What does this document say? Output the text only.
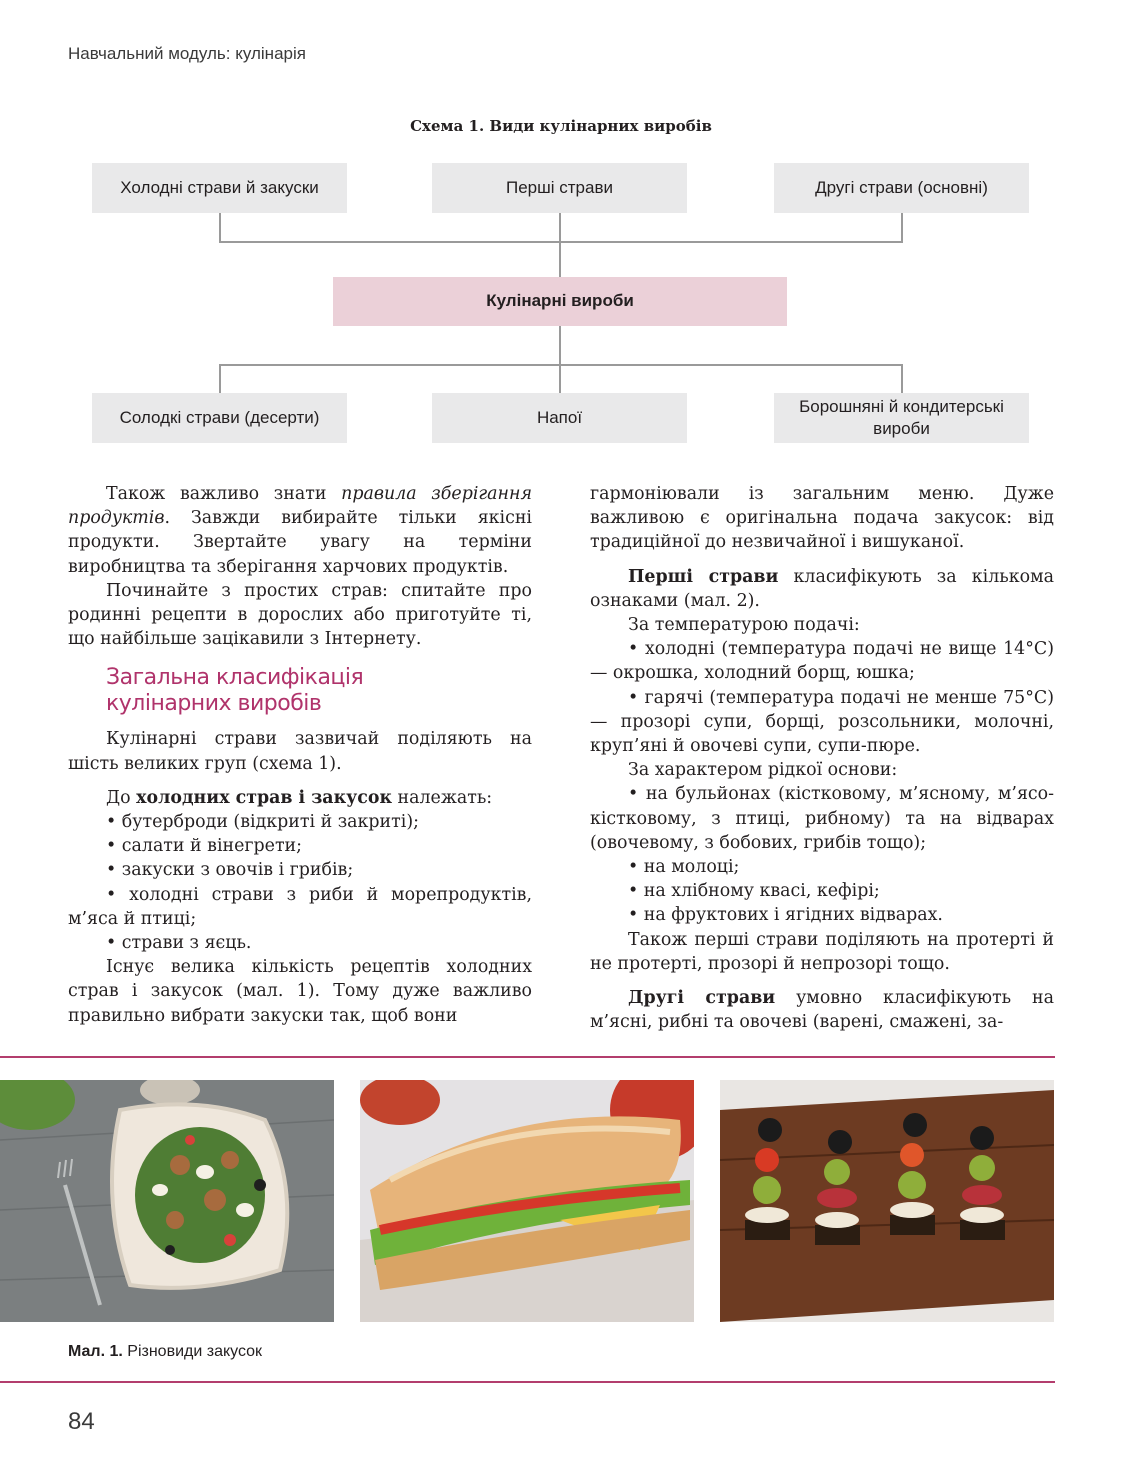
Навчальний модуль: кулінарія
Схема 1. Види кулінарних виробів
Холодні страви й закуски	Перші страви	Другі страви (основні)
Кулінарні вироби
Солодкі страви (десерти)	Напої
Борошняні й кондитерські вироби

Також важливо знати правила зберігання продуктів. Завжди вибирайте тільки якісні продукти. Звертайте увагу на терміни виробництва та зберігання харчових продуктів.

Починайте з простих страв: спитайте про родинні рецепти в дорослих або приготуйте ті, що найбільше зацікавили з Інтернету.

Загальна класифікація
кулінарних виробів

Кулінарні страви зазвичай поділяють на шість великих груп (схема 1).

До холодних страв і закусок належать:

• бутерброди (відкриті й закриті);

• салати й вінегрети;

• закуски з овочів і грибів;

• холодні страви з риби й морепродуктів, м’яса й птиці;

• страви з яєць.

Існує велика кількість рецептів холодних страв і закусок (мал. 1). Тому дуже важливо правильно вибрати закуски так, щоб вони

гармоніювали із загальним меню. Дуже важливою є оригінальна подача закусок: від традиційної до незвичайної і вишуканої.

Перші страви класифікують за кількома ознаками (мал. 2).

За температурою подачі:

• холодні (температура подачі не вище 14°С) — окрошка, холодний борщ, юшка;

• гарячі (температура подачі не менше 75°С) — прозорі супи, борщі, розсольники, молочні, круп’яні й овочеві супи, супи-пюре.

За характером рідкої основи:

• на бульйонах (кістковому, м’ясному, м’ясо-кістковому, з птиці, рибному) та на відварах (овочевому, з бобових, грибів тощо);

• на молоці;

• на хлібному квасі, кефірі;

• на фруктових і ягідних відварах.

Також перші страви поділяють на протерті й не протерті, прозорі й непрозорі тощо.

Другі страви умовно класифікують на м’ясні, рибні та овочеві (варені, смажені, за-

Мал. 1. Різновиди закусок
84
